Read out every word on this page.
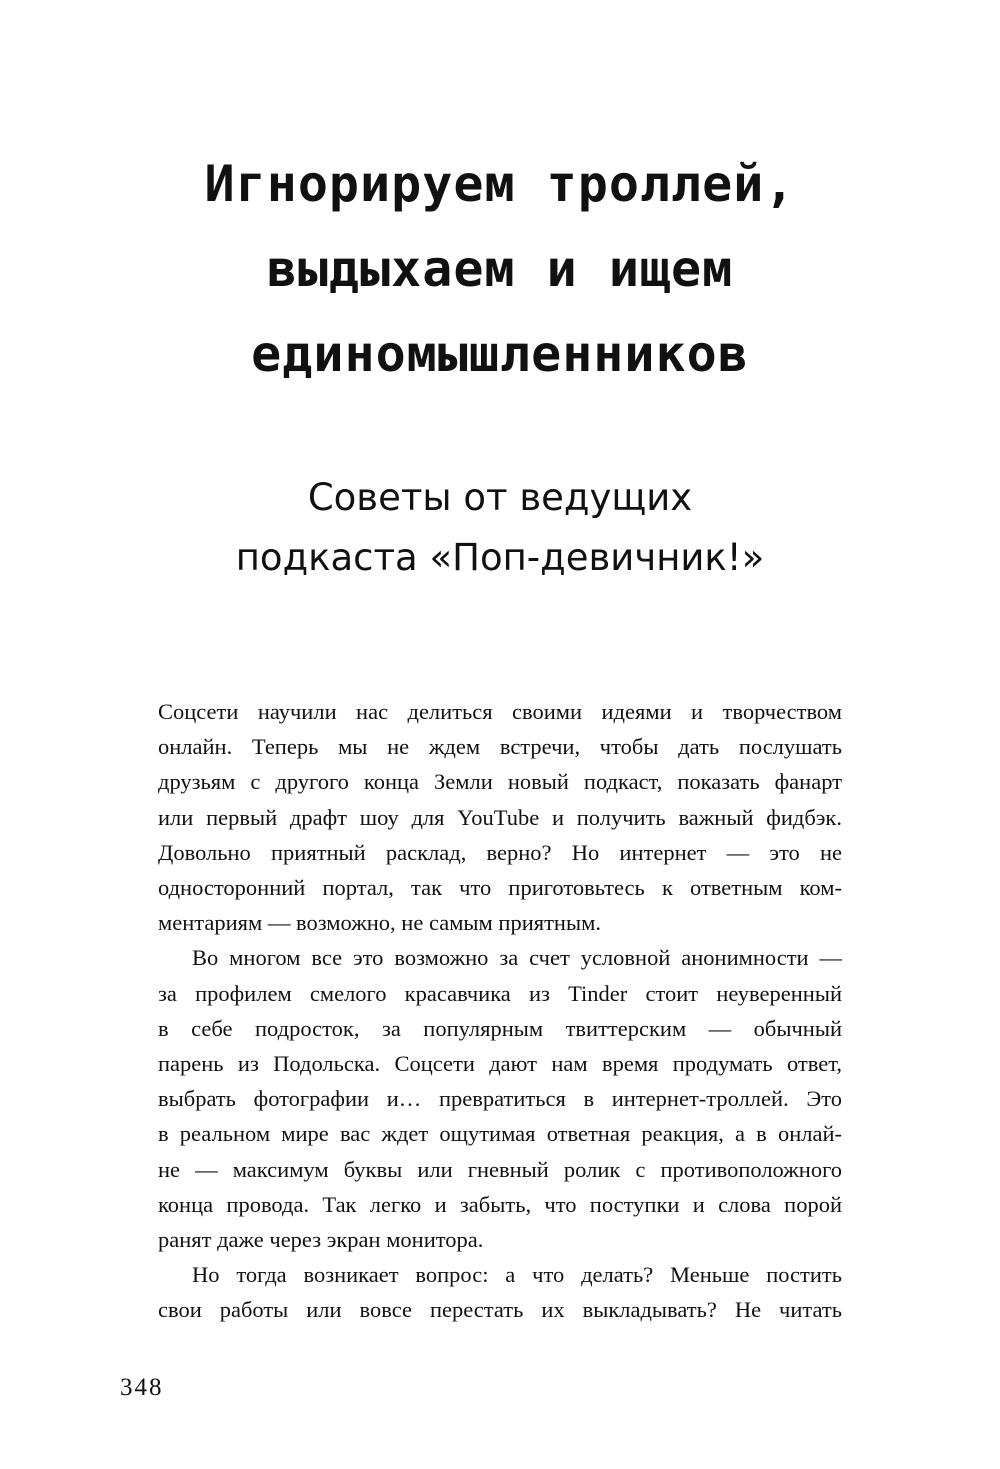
Игнорируем троллей,
выдыхаем и ищем
единомышленников
Советы от ведущих
подкаста «Поп-девичник!»

Соцсети научили нас делиться своими идеями и творчеством
онлайн. Теперь мы не ждем встречи, чтобы дать послушать
друзьям с другого конца Земли новый подкаст, показать фанарт
или первый драфт шоу для YouTube и получить важный фидбэк.
Довольно приятный расклад, верно? Но интернет — это не
односторонний портал, так что приготовьтесь к ответным ком-
ментариям — возможно, не самым приятным.

Во многом все это возможно за счет условной анонимности —
за профилем смелого красавчика из Tinder стоит неуверенный
в себе подросток, за популярным твиттерским — обычный
парень из Подольска. Соцсети дают нам время продумать ответ,
выбрать фотографии и… превратиться в интернет-троллей. Это
в реальном мире вас ждет ощутимая ответная реакция, а в онлай-
не — максимум буквы или гневный ролик с противоположного
конца провода. Так легко и забыть, что поступки и слова порой
ранят даже через экран монитора.

Но тогда возникает вопрос: а что делать? Меньше постить
свои работы или вовсе перестать их выкладывать? Не читать

348
